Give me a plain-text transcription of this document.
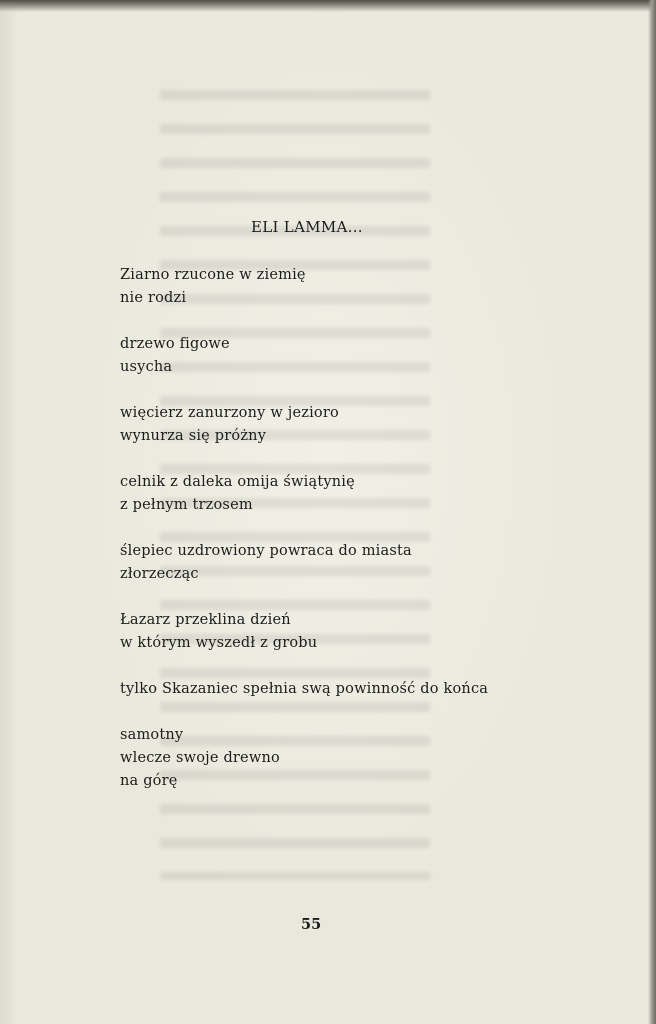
ELI LAMMA...
Ziarno rzucone w ziemię
nie rodzi
drzewo figowe
usycha
więcierz zanurzony w jezioro
wynurza się próżny
celnik z daleka omija świątynię
z pełnym trzosem
ślepiec uzdrowiony powraca do miasta
złorzecząc
Łazarz przeklina dzień
w którym wyszedł z grobu
tylko Skazaniec spełnia swą powinność do końca
samotny
wlecze swoje drewno
na górę
55
